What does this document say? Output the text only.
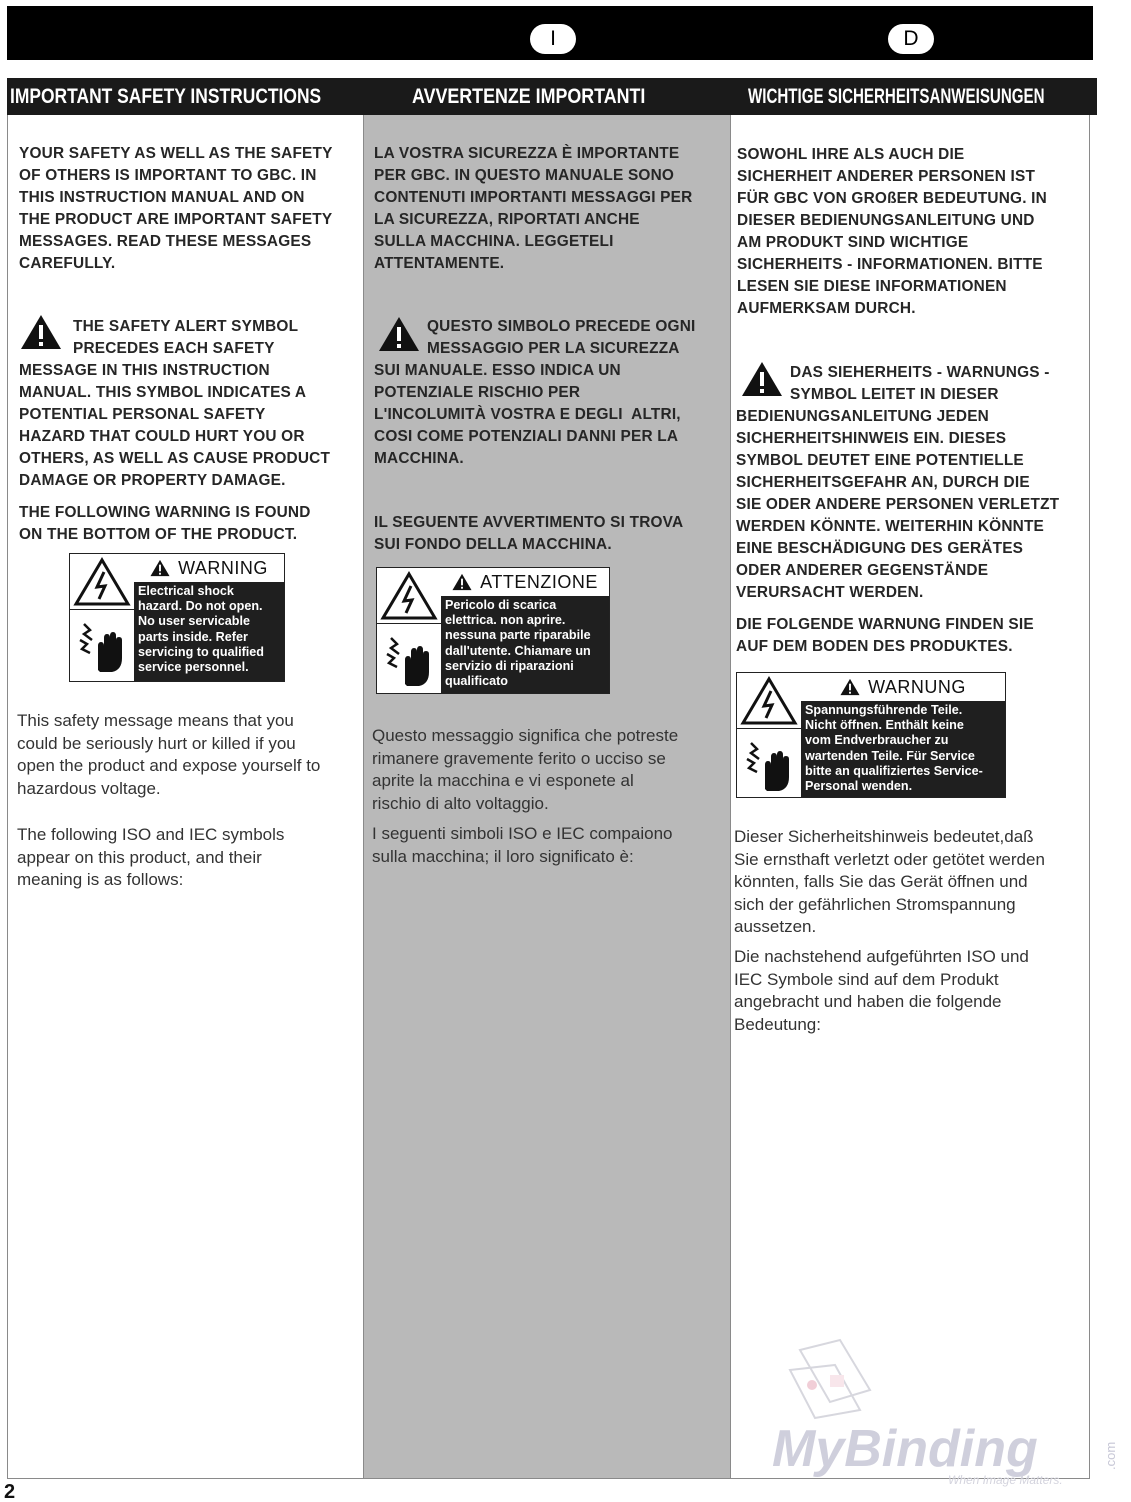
I	D
IMPORTANT SAFETY INSTRUCTIONS	AVVERTENZE IMPORTANTI	WICHTIGE SICHERHEITSANWEISUNGEN
YOUR SAFETY AS WELL AS THE SAFETY
OF OTHERS IS IMPORTANT TO GBC. IN
THIS INSTRUCTION MANUAL AND ON
THE PRODUCT ARE IMPORTANT SAFETY
MESSAGES. READ THESE MESSAGES
CAREFULLY.
THE SAFETY ALERT SYMBOL
PRECEDES EACH SAFETY
MESSAGE IN THIS INSTRUCTION
MANUAL. THIS SYMBOL INDICATES A
POTENTIAL PERSONAL SAFETY
HAZARD THAT COULD HURT YOU OR
OTHERS, AS WELL AS CAUSE PRODUCT
DAMAGE OR PROPERTY DAMAGE.
THE FOLLOWING WARNING IS FOUND
ON THE BOTTOM OF THE PRODUCT.
WARNING
Electrical shock
hazard. Do not open.
No user servicable
parts inside. Refer
servicing to qualified
service personnel.
This safety message means that you
could be seriously hurt or killed if you
open the product and expose yourself to
hazardous voltage.
The following ISO and IEC symbols
appear on this product, and their
meaning is as follows:
LA VOSTRA SICUREZZA È IMPORTANTE
PER GBC. IN QUESTO MANUALE SONO
CONTENUTI IMPORTANTI MESSAGGI PER
LA SICUREZZA, RIPORTATI ANCHE
SULLA MACCHINA. LEGGETELI
ATTENTAMENTE.
QUESTO SIMBOLO PRECEDE OGNI
MESSAGGIO PER LA SICUREZZA
SUI MANUALE. ESSO INDICA UN
POTENZIALE RISCHIO PER
L'INCOLUMITÀ VOSTRA E DEGLI  ALTRI,
COSI COME POTENZIALI DANNI PER LA
MACCHINA.
IL SEGUENTE AVVERTIMENTO SI TROVA
SUI FONDO DELLA MACCHINA.
ATTENZIONE
Pericolo di scarica
elettrica. non aprire.
nessuna parte riparabile
dall'utente. Chiamare un
servizio di riparazioni
qualificato
Questo messaggio significa che potreste
rimanere gravemente ferito o ucciso se
aprite la macchina e vi esponete al
rischio di alto voltaggio.
I seguenti simboli ISO e IEC compaiono
sulla macchina; il loro significato è:
SOWOHL IHRE ALS AUCH DIE
SICHERHEIT ANDERER PERSONEN IST
FÜR GBC VON GROßER BEDEUTUNG. IN
DIESER BEDIENUNGSANLEITUNG UND
AM PRODUKT SIND WICHTIGE
SICHERHEITS - INFORMATIONEN. BITTE
LESEN SIE DIESE INFORMATIONEN
AUFMERKSAM DURCH.
DAS SIEHERHEITS - WARNUNGS -
SYMBOL LEITET IN DIESER
BEDIENUNGSANLEITUNG JEDEN
SICHERHEITSHINWEIS EIN. DIESES
SYMBOL DEUTET EINE POTENTIELLE
SICHERHEITSGEFAHR AN, DURCH DIE
SIE ODER ANDERE PERSONEN VERLETZT
WERDEN KÖNNTE. WEITERHIN KÖNNTE
EINE BESCHÄDIGUNG DES GERÄTES
ODER ANDERER GEGENSTÄNDE
VERURSACHT WERDEN.
DIE FOLGENDE WARNUNG FINDEN SIE
AUF DEM BODEN DES PRODUKTES.
WARNUNG
Spannungsführende Teile.
Nicht öffnen. Enthält keine
vom Endverbraucher zu
wartenden Teile. Für Service
bitte an qualifiziertes Service-
Personal wenden.
Dieser Sicherheitshinweis bedeutet,daß
Sie ernsthaft verletzt oder getötet werden
könnten, falls Sie das Gerät öffnen und
sich der gefährlichen Stromspannung
aussetzen.
Die nachstehend aufgeführten ISO und
IEC Symbole sind auf dem Produkt
angebracht und haben die folgende
Bedeutung:
2
MyBinding	.com
When Image Matters.
